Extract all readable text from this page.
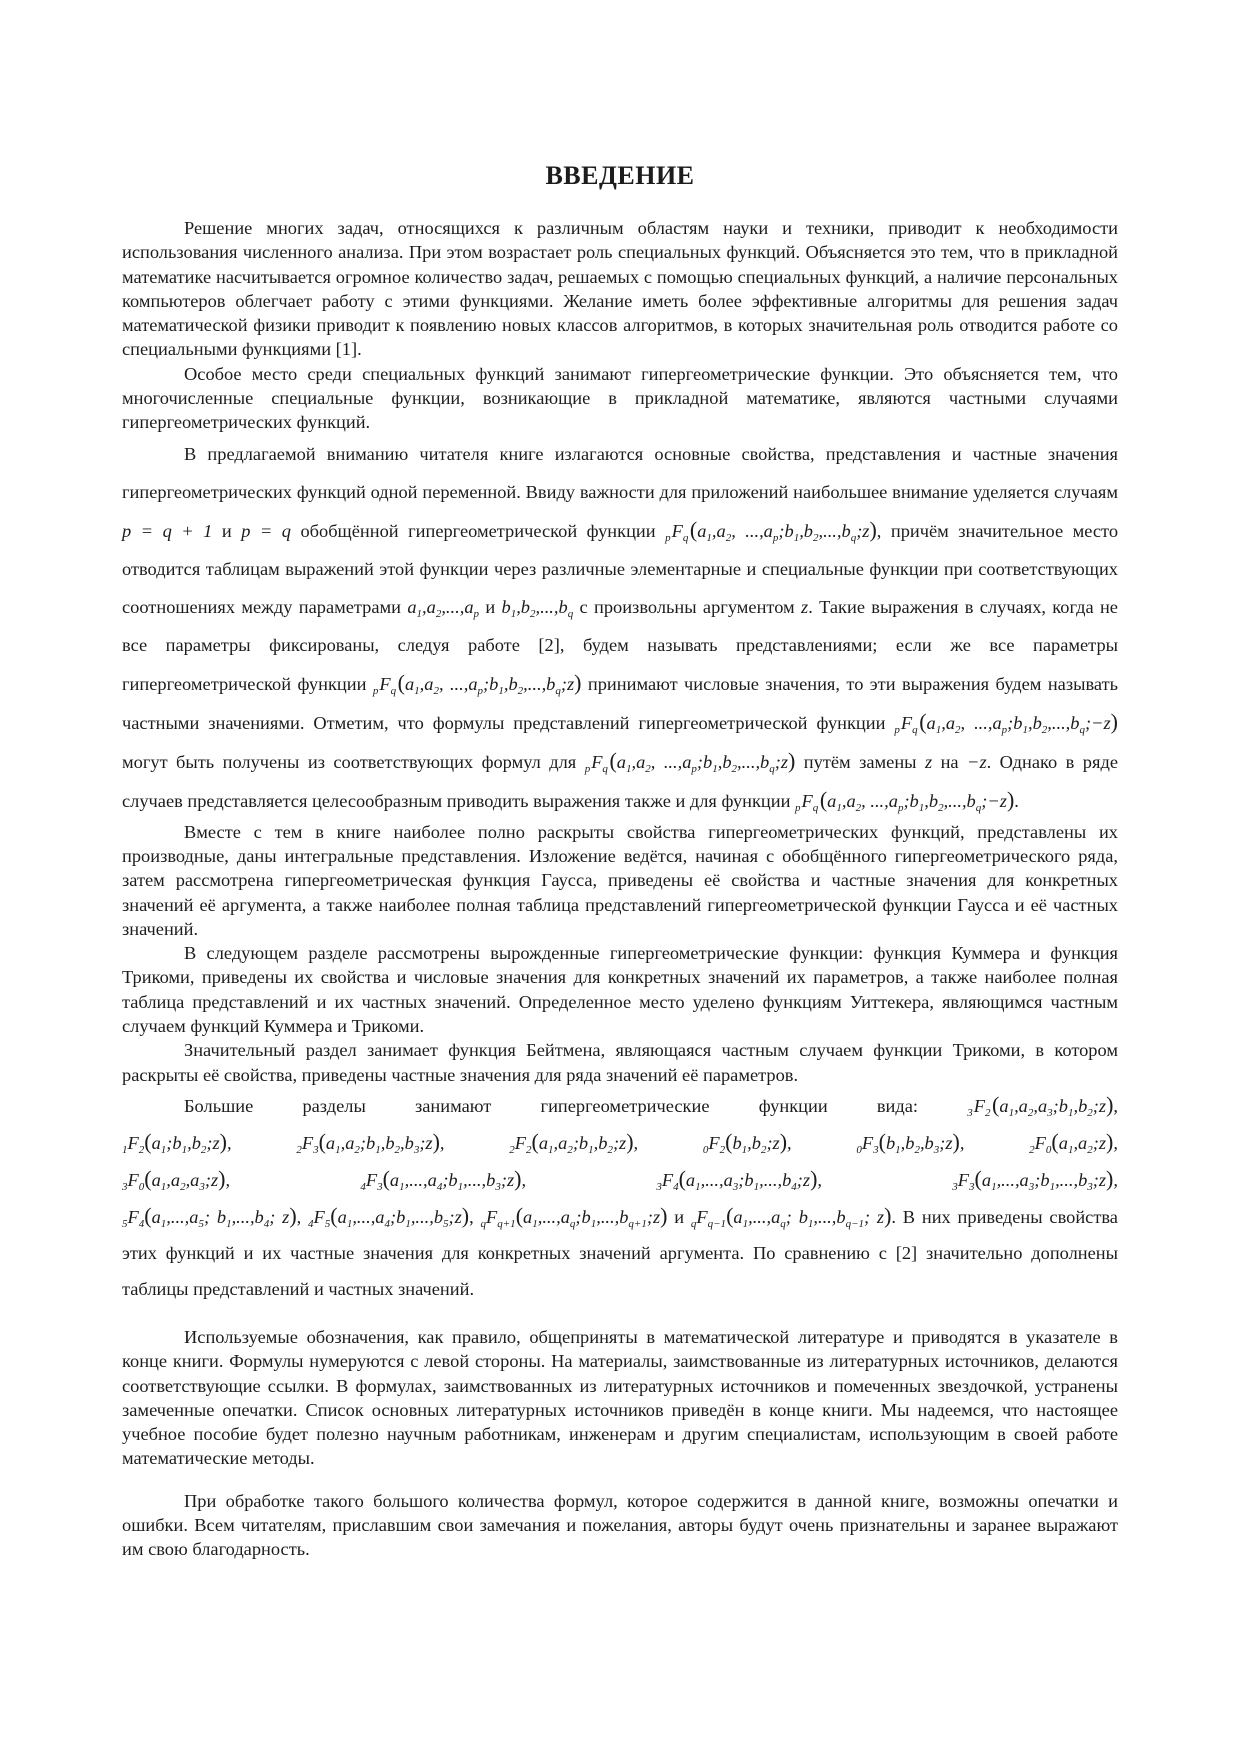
ВВЕДЕНИЕ

Решение многих задач, относящихся к различным областям науки и техники, приводит к необходимости использования численного анализа. При этом возрастает роль специальных функций. Объясняется это тем, что в прикладной математике насчитывается огромное количество задач, решаемых с помощью специальных функций, а наличие персональных компьютеров облегчает работу с этими функциями. Желание иметь более эффективные алгоритмы для решения задач математической физики приводит к появлению новых классов алгоритмов, в которых значительная роль отводится работе со специальными функциями [1].

Особое место среди специальных функций занимают гипергеометрические функции. Это объясняется тем, что многочисленные специальные функции, возникающие в прикладной математике, являются частными случаями гипергеометрических функций.

В предлагаемой вниманию читателя книге излагаются основные свойства, представления и частные значения гипергеометрических функций одной переменной. Ввиду важности для приложений наибольшее внимание уделяется случаям p = q + 1 и p = q обобщённой гипергеометрической функции $_pF_q$ ($a_1,a_2$, $...,a_p;b_1,b_2,...,b_q;z$), причём значительное место отводится таблицам выражений этой функции через различные элементарные и специальные функции при соответствующих соотношениях между параметрами $a_1,a_2,...,a_p$ и $b_1,b_2,...,b_q$ с произвольны аргументом z. Такие выражения в случаях, когда не все параметры фиксированы, следуя работе [2], будем называть представлениями; если же все параметры гипергеометрической функции $_pF_q$ ($a_1,a_2$, $...,a_p;b_1,b_2,...,b_q;z$) принимают числовые значения, то эти выражения будем называть частными значениями. Отметим, что формулы представлений гипергеометрической функции $_pF_q$ ($a_1,a_2$, $...,a_p;b_1,b_2,...,b_q;-z$) могут быть получены из соответствующих формул для $_pF_q$ ($a_1,a_2$, $...,a_p;b_1,b_2,...,b_q;z$) путём замены z на −z. Однако в ряде случаев представляется целесообразным приводить выражения также и для функции $_pF_q$ ($a_1,a_2$, $...,a_p;b_1,b_2,...,b_q;-z$).

Вместе с тем в книге наиболее полно раскрыты свойства гипергеометрических функций, представлены их производные, даны интегральные представления. Изложение ведётся, начиная с обобщённого гипергеометрического ряда, затем рассмотрена гипергеометрическая функция Гаусса, приведены её свойства и частные значения для конкретных значений её аргумента, а также наиболее полная таблица представлений гипергеометрической функции Гаусса и её частных значений.

В следующем разделе рассмотрены вырожденные гипергеометрические функции: функция Куммера и функция Трикоми, приведены их свойства и числовые значения для конкретных значений их параметров, а также наиболее полная таблица представлений и их частных значений. Определенное место уделено функциям Уиттекера, являющимся частным случаем функций Куммера и Трикоми.

Значительный раздел занимает функция Бейтмена, являющаяся частным случаем функции Трикоми, в котором раскрыты её свойства, приведены частные значения для ряда значений её параметров.

Большие разделы занимают гипергеометрические функции вида: $_3F_2$ $(a_1,a_2,a_3;b_1,b_2;z)$,

$_1F_2(a_1;b_1,b_2;z)$,	$_2F_3(a_1,a_2;b_1,b_2,b_3;z)$,	$_2F_2(a_1,a_2;b_1,b_2;z)$,	$_0F_2(b_1,b_2;z)$,	$_0F_3(b_1,b_2,b_3;z)$,	$_2F_0(a_1,a_2;z)$,
$_3F_0(a_1,a_2,a_3;z)$,	$_4F_3(a_1,...,a_4;b_1,...,b_3;z)$,	$_3F_4(a_1,...,a_3;b_1,...,b_4;z)$,	$_3F_3(a_1,...,a_3;b_1,...,b_3;z)$,

$_5F_4(a_1,...,a_5$; $b_1,...,b_4$; z), $_4F_5(a_1,...,a_4;b_1,...,b_5;z)$, $_qF_{q+1}(a_1,...,a_q;b_1,...,b_{q+1};z)$ и $_qF_{q-1}(a_1,...,a_q$; $b_1,...,b_{q-1}$; z). В них приведены свойства этих функций и их частные значения для конкретных значений аргумента. По сравнению с [2] значительно дополнены таблицы представлений и частных значений.

Используемые обозначения, как правило, общеприняты в математической литературе и приводятся в указателе в конце книги. Формулы нумеруются с левой стороны. На материалы, заимствованные из литературных источников, делаются соответствующие ссылки. В формулах, заимствованных из литературных источников и помеченных звездочкой, устранены замеченные опечатки. Список основных литературных источников приведён в конце книги. Мы надеемся, что настоящее учебное пособие будет полезно научным работникам, инженерам и другим специалистам, использующим в своей работе математические методы.

При обработке такого большого количества формул, которое содержится в данной книге, возможны опечатки и ошибки. Всем читателям, приславшим свои замечания и пожелания, авторы будут очень признательны и заранее выражают им свою благодарность.
